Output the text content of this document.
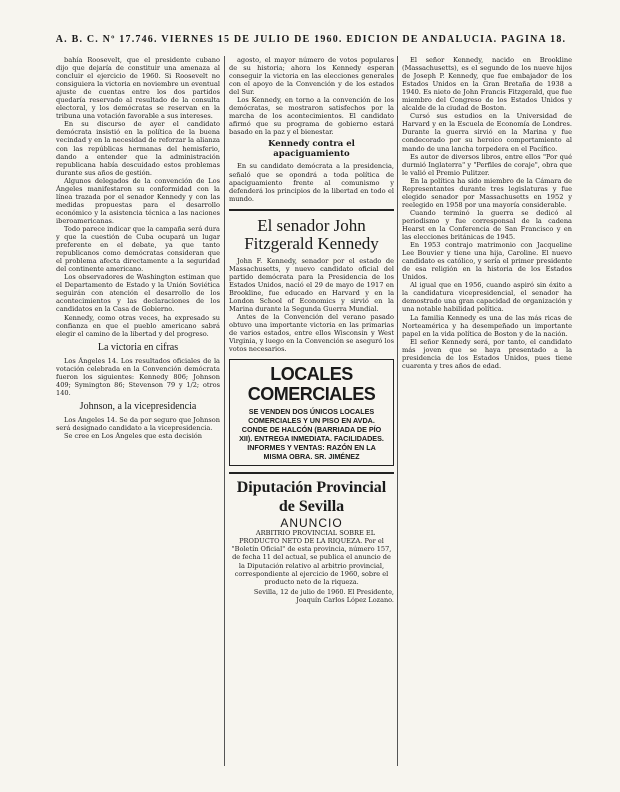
A. B. C. Nº 17.746. VIERNES 15 DE JULIO DE 1960. EDICION DE ANDALUCIA. PAGINA 18.

bahía Roosevelt, que el presidente cubano dijo que dejaría de constituir una amenaza al concluir el ejercicio de 1960. Si Roosevelt no consiguiera la victoria en noviembre un eventual ajuste de cuentas entre los dos partidos quedaría reservado al resultado de la consulta electoral, y los demócratas se reservan en la tribuna una votación favorable a sus intereses.

En su discurso de ayer el candidato demócrata insistió en la política de la buena vecindad y en la necesidad de reforzar la alianza con las repúblicas hermanas del hemisferio, dando a entender que la administración republicana había descuidado estos problemas durante sus años de gestión.

Algunos delegados de la convención de Los Ángeles manifestaron su conformidad con la línea trazada por el senador Kennedy y con las medidas propuestas para el desarrollo económico y la asistencia técnica a las naciones iberoamericanas.

Todo parece indicar que la campaña será dura y que la cuestión de Cuba ocupará un lugar preferente en el debate, ya que tanto republicanos como demócratas consideran que el problema afecta directamente a la seguridad del continente americano.

Los observadores de Washington estiman que el Departamento de Estado y la Unión Soviética seguirán con atención el desarrollo de los acontecimientos y las declaraciones de los candidatos en la Casa de Gobierno.

Kennedy, como otras veces, ha expresado su confianza en que el pueblo americano sabrá elegir el camino de la libertad y del progreso.

La victoria en cifras

Los Ángeles 14. Los resultados oficiales de la votación celebrada en la Convención demócrata fueron los siguientes: Kennedy 806; Johnson 409; Symington 86; Stevenson 79 y 1/2; otros 140.

Johnson, a la vicepresidencia

Los Ángeles 14. Se da por seguro que Johnson será designado candidato a la vicepresidencia.

Se cree en Los Ángeles que esta decisión

agosto, el mayor número de votos populares de su historia; ahora los Kennedy esperan conseguir la victoria en las elecciones generales con el apoyo de la Convención y de los estados del Sur.

Los Kennedy, en torno a la convención de los demócratas, se mostraron satisfechos por la marcha de los acontecimientos. El candidato afirmó que su programa de gobierno estará basado en la paz y el bienestar.

Kennedy contra el apaciguamiento

En su candidato demócrata a la presidencia, señaló que se opondrá a toda política de apaciguamiento frente al comunismo y defenderá los principios de la libertad en todo el mundo.

El senador John Fitzgerald Kennedy

John F. Kennedy, senador por el estado de Massachusetts, y nuevo candidato oficial del partido demócrata para la Presidencia de los Estados Unidos, nació el 29 de mayo de 1917 en Brookline, fue educado en Harvard y en la London School of Economics y sirvió en la Marina durante la Segunda Guerra Mundial.

Antes de la Convención del verano pasado obtuvo una importante victoria en las primarias de varios estados, entre ellos Wisconsin y West Virginia, y luego en la Convención se aseguró los votos necesarios.

LOCALES COMERCIALES
SE VENDEN DOS ÚNICOS LOCALES COMERCIALES Y UN PISO EN AVDA. CONDE DE HALCÓN (BARRIADA DE PÍO XII). ENTREGA INMEDIATA. FACILIDADES. INFORMES Y VENTAS: RAZÓN EN LA MISMA OBRA. SR. JIMÉNEZ
Diputación Provincial de Sevilla
ANUNCIO

ARBITRIO PROVINCIAL SOBRE EL PRODUCTO NETO DE LA RIQUEZA. Por el "Boletín Oficial" de esta provincia, número 157, de fecha 11 del actual, se publica el anuncio de la Diputación relativo al arbitrio provincial, correspondiente al ejercicio de 1960, sobre el producto neto de la riqueza.

Sevilla, 12 de julio de 1960. El Presidente, Joaquín Carlos López Lozano.

El señor Kennedy, nacido en Brookline (Massachusetts), es el segundo de los nueve hijos de Joseph P. Kennedy, que fue embajador de los Estados Unidos en la Gran Bretaña de 1938 a 1940. Es nieto de John Francis Fitzgerald, que fue miembro del Congreso de los Estados Unidos y alcalde de la ciudad de Boston.

Cursó sus estudios en la Universidad de Harvard y en la Escuela de Economía de Londres. Durante la guerra sirvió en la Marina y fue condecorado por su heroico comportamiento al mando de una lancha torpedera en el Pacífico.

Es autor de diversos libros, entre ellos "Por qué durmió Inglaterra" y "Perfiles de coraje", obra que le valió el Premio Pulitzer.

En la política ha sido miembro de la Cámara de Representantes durante tres legislaturas y fue elegido senador por Massachusetts en 1952 y reelegido en 1958 por una mayoría considerable.

Cuando terminó la guerra se dedicó al periodismo y fue corresponsal de la cadena Hearst en la Conferencia de San Francisco y en las elecciones británicas de 1945.

En 1953 contrajo matrimonio con Jacqueline Lee Bouvier y tiene una hija, Caroline. El nuevo candidato es católico, y sería el primer presidente de esa religión en la historia de los Estados Unidos.

Al igual que en 1956, cuando aspiró sin éxito a la candidatura vicepresidencial, el senador ha demostrado una gran capacidad de organización y una notable habilidad política.

La familia Kennedy es una de las más ricas de Norteamérica y ha desempeñado un importante papel en la vida política de Boston y de la nación.

El señor Kennedy será, por tanto, el candidato más joven que se haya presentado a la presidencia de los Estados Unidos, pues tiene cuarenta y tres años de edad.
